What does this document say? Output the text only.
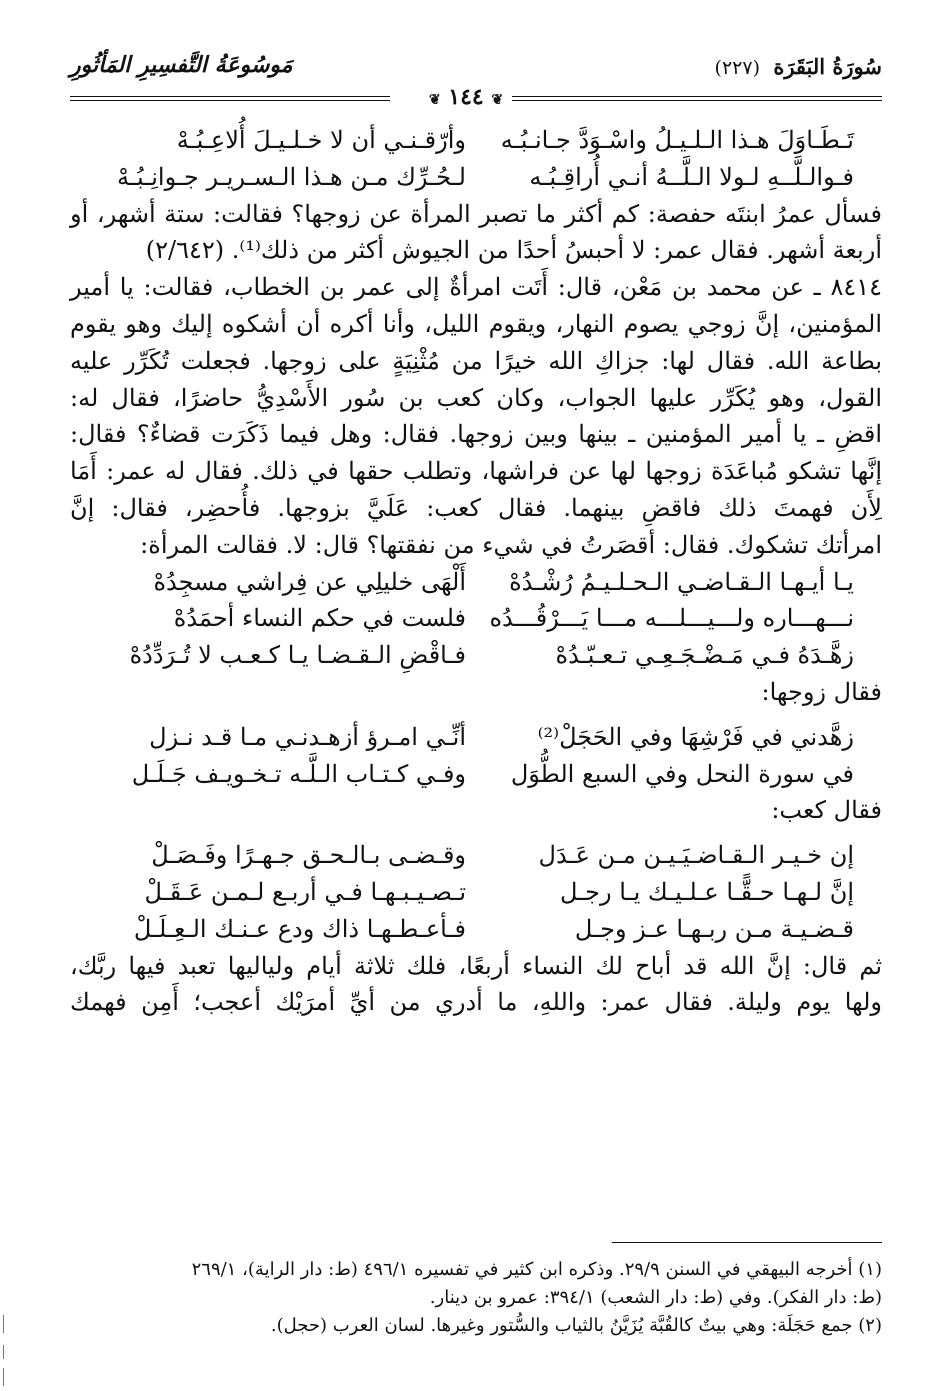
سُورَةُ البَقَرَة (٢٢٧)
مَوسُوعَةُ التَّفسِيرِ المَأثُورِ
❦ ١٤٤ ❦
تَـطَـاوَلَ هـذا الـلـيـلُ واسْـوَدَّ جـانـبُـه
وأرّقـنـي أن لا خـلـيـلَ أُلاعِـبُـهْ
فـوالـلَّــهِ لـولا الـلَّــهُ أنـي أُراقِـبُـه
لـحُـرِّك مـن هـذا الـسـريـر جـوانِـبُـهْ
فسأل عمرُ ابنتَه حفصة: كم أكثر ما تصبر المرأة عن زوجها؟ فقالت: ستة أشهر، أو
أربعة أشهر. فقال عمر: لا أحبسُ أحدًا من الجيوش أكثر من ذلك⁽¹⁾. (٢/٦٤٢)
٨٤١٤ ـ عن محمد بن مَعْن، قال: أَتَت امرأةٌ إلى عمر بن الخطاب، فقالت: يا أمير
المؤمنين، إنَّ زوجي يصوم النهار، ويقوم الليل، وأنا أكره أن أشكوه إليك وهو يقوم
بطاعة الله. فقال لها: جزاكِ الله خيرًا من مُثْنِيَةٍ على زوجها. فجعلت تُكَرِّر عليه
القول، وهو يُكَرِّر عليها الجواب، وكان كعب بن سُور الأَسْدِيُّ حاضرًا، فقال له:
اقضِ ـ يا أمير المؤمنين ـ بينها وبين زوجها. فقال: وهل فيما ذَكَرَت قضاءٌ؟ فقال:
إنَّها تشكو مُباعَدَة زوجها لها عن فراشها، وتطلب حقها في ذلك. فقال له عمر: أَمَا
لِأَن فهمتَ ذلك فاقضِ بينهما. فقال كعب: عَلَيَّ بزوجها. فأُحضِر، فقال: إنَّ
امرأتك تشكوك. فقال: أقصَرتُ في شيء من نفقتها؟ قال: لا. فقالت المرأة:
يـا أيـهـا الـقـاضـي الـحـلـيـمُ رُشْـدُهْ
أَلْهَى خليلِي عن فِراشي مسجِدُهْ
نـــهـــاره ولـــيـــلـــه مـــا يَـــرْقُـــدُه
فلست في حكم النساء أحمَدُهْ
زهَّـدَهُ فـي مَـضْـجَـعِـي تـعـبّـدُهْ
فـاقْضِ الـقـضـا يـا كـعـب لا تُـرَدِّدُهْ
فقال زوجها:
زهَّدني في فَرْشِهَا وفي الحَجَلْ⁽²⁾
أنِّـي امـرؤ أزهـدنـي مـا قـد نـزل
في سورة النحل وفي السبع الطُّوَل
وفـي كـتـاب الـلَّـه تـخـويـف جَـلَـل
فقال كعب:
إن خـيـر الـقـاضـيَـيـن مـن عَـدَل
وقـضـى بـالـحـق جـهـرًا وفَـصَـلْ
إنَّ لـهـا حـقًّـا عـلـيـك يـا رجـل
تـصـيـبـهـا فـي أربـع لـمـن عَـقَـلْ
قـضـيـة مـن ربـهـا عـز وجـل
فـأعـطـهـا ذاك ودع عـنـك الـعِـلَـلْ
ثم قال: إنَّ الله قد أباح لك النساء أربعًا، فلك ثلاثة أيام ولياليها تعبد فيها ربَّك،
ولها يوم وليلة. فقال عمر: واللهِ، ما أدري من أيِّ أمرَيْك أعجب؛ أَمِن فهمك

(١) أخرجه البيهقي في السنن ٢٩/٩. وذكره ابن كثير في تفسيره ٤٩٦/١ (ط: دار الراية)، ٢٦٩/١

(ط: دار الفكر). وفي (ط: دار الشعب) ٣٩٤/١: عمرو بن دينار.

(٢) جمع حَجَلَة: وهي بيتٌ كالقُبَّة يُزَيَّنُ بالثياب والسُّتور وغيرها. لسان العرب (حجل).
